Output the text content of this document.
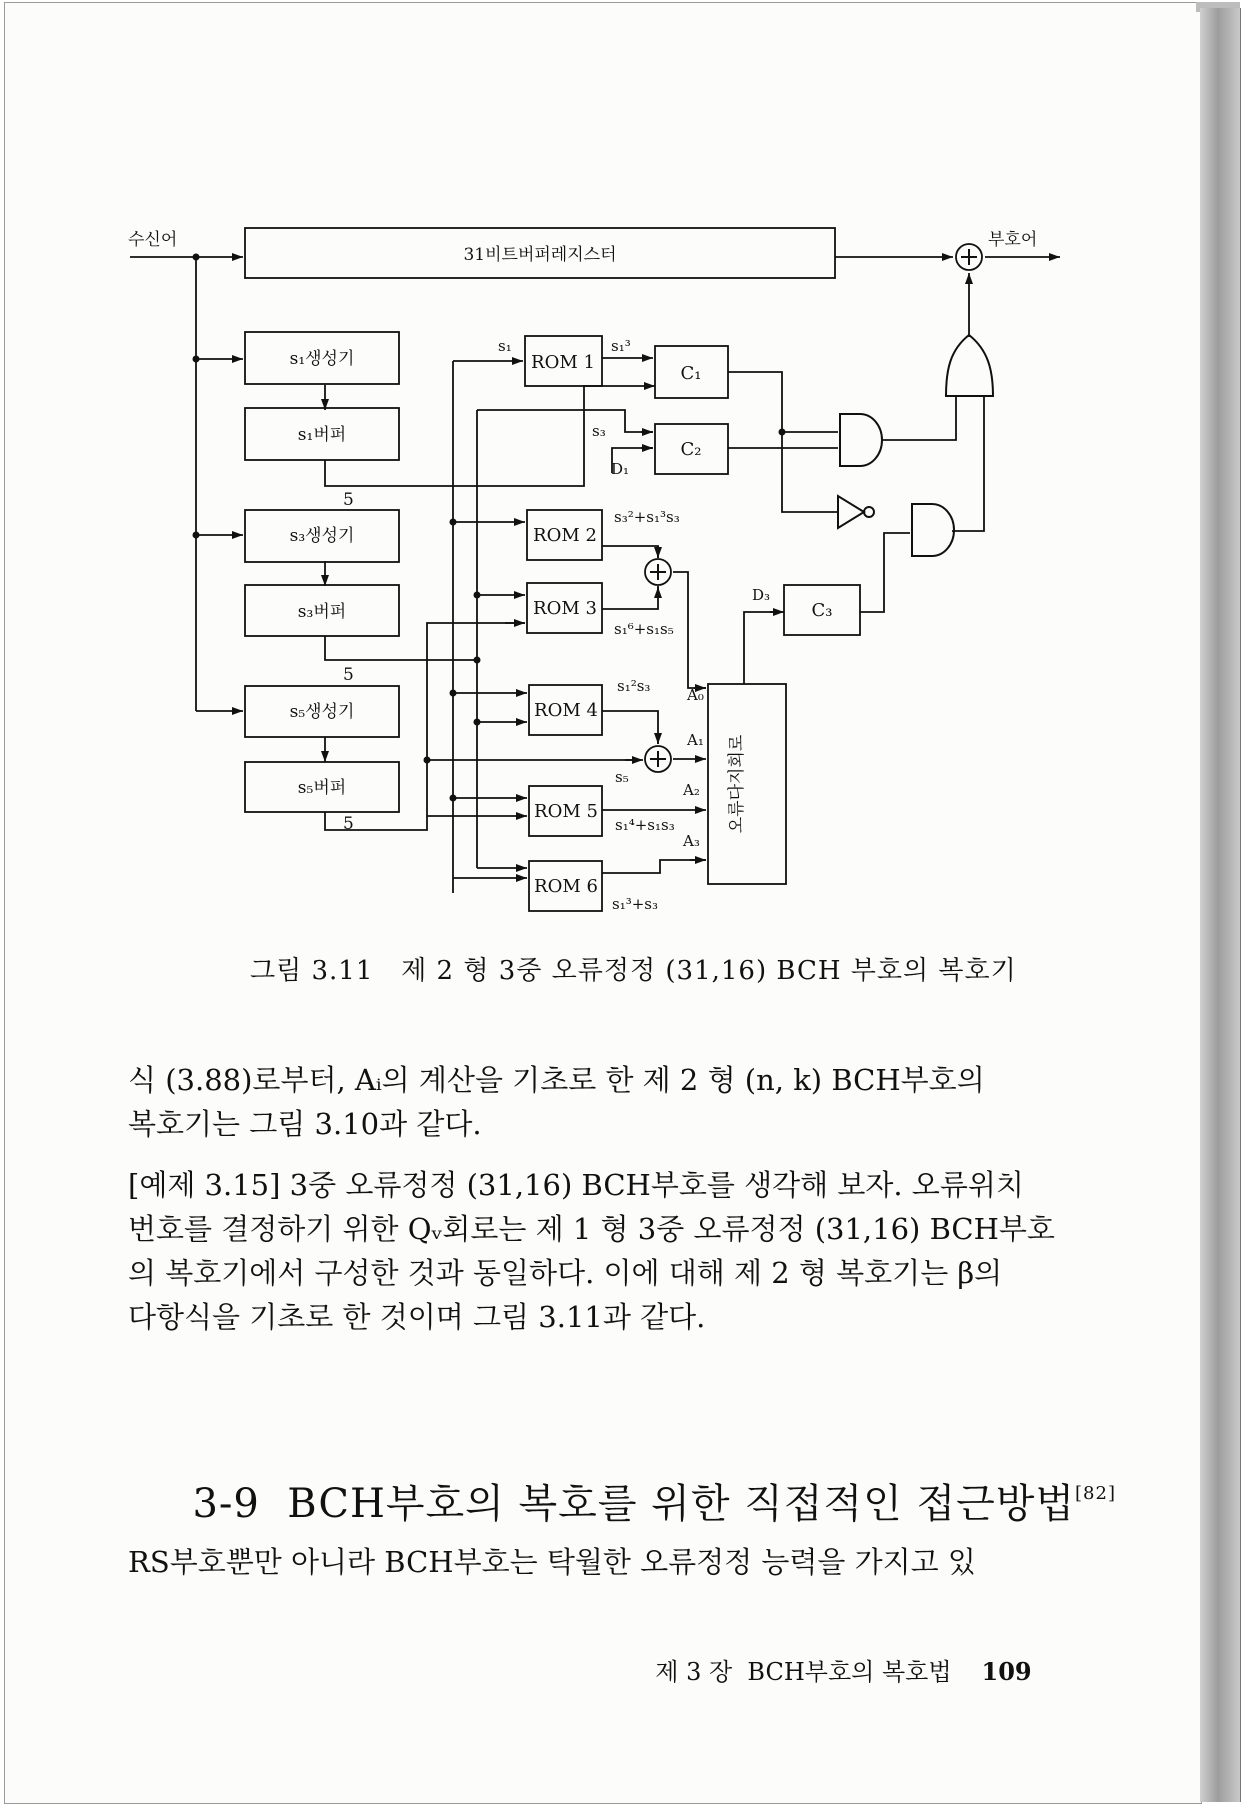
수신어	부호어
31비트버퍼레지스터
s₁생성기
s₁버퍼
s₃생성기
s₃버퍼
s₅생성기
s₅버퍼
5
5
5
ROM 1
ROM 2
ROM 3
ROM 4
ROM 5
ROM 6
C₁
C₂
C₃
s₁	s₁³
s₃
D₁
D₃
s₃²+s₁³s₃
s₁⁶+s₁s₅
s₁²s₃
s₅
s₁⁴+s₁s₃
s₁³+s₃
A₀
A₁
A₂
A₃
오류다지회로
그림 3.11   제 2 형 3중 오류정정 (31,16) BCH 부호의 복호기

식 (3.88)로부터, Aᵢ의 계산을 기초로 한 제 2 형 (n, k) BCH부호의

복호기는 그림 3.10과 같다.

[예제 3.15] 3중 오류정정 (31,16) BCH부호를 생각해 보자. 오류위치

번호를 결정하기 위한 Qᵥ회로는 제 1 형 3중 오류정정 (31,16) BCH부호

의 복호기에서 구성한 것과 동일하다. 이에 대해 제 2 형 복호기는 β의

다항식을 기초로 한 것이며 그림 3.11과 같다.

3-9  BCH부호의 복호를 위한 직접적인 접근방법[82]

RS부호뿐만 아니라 BCH부호는 탁월한 오류정정 능력을 가지고 있

제 3 장  BCH부호의 복호법 109
